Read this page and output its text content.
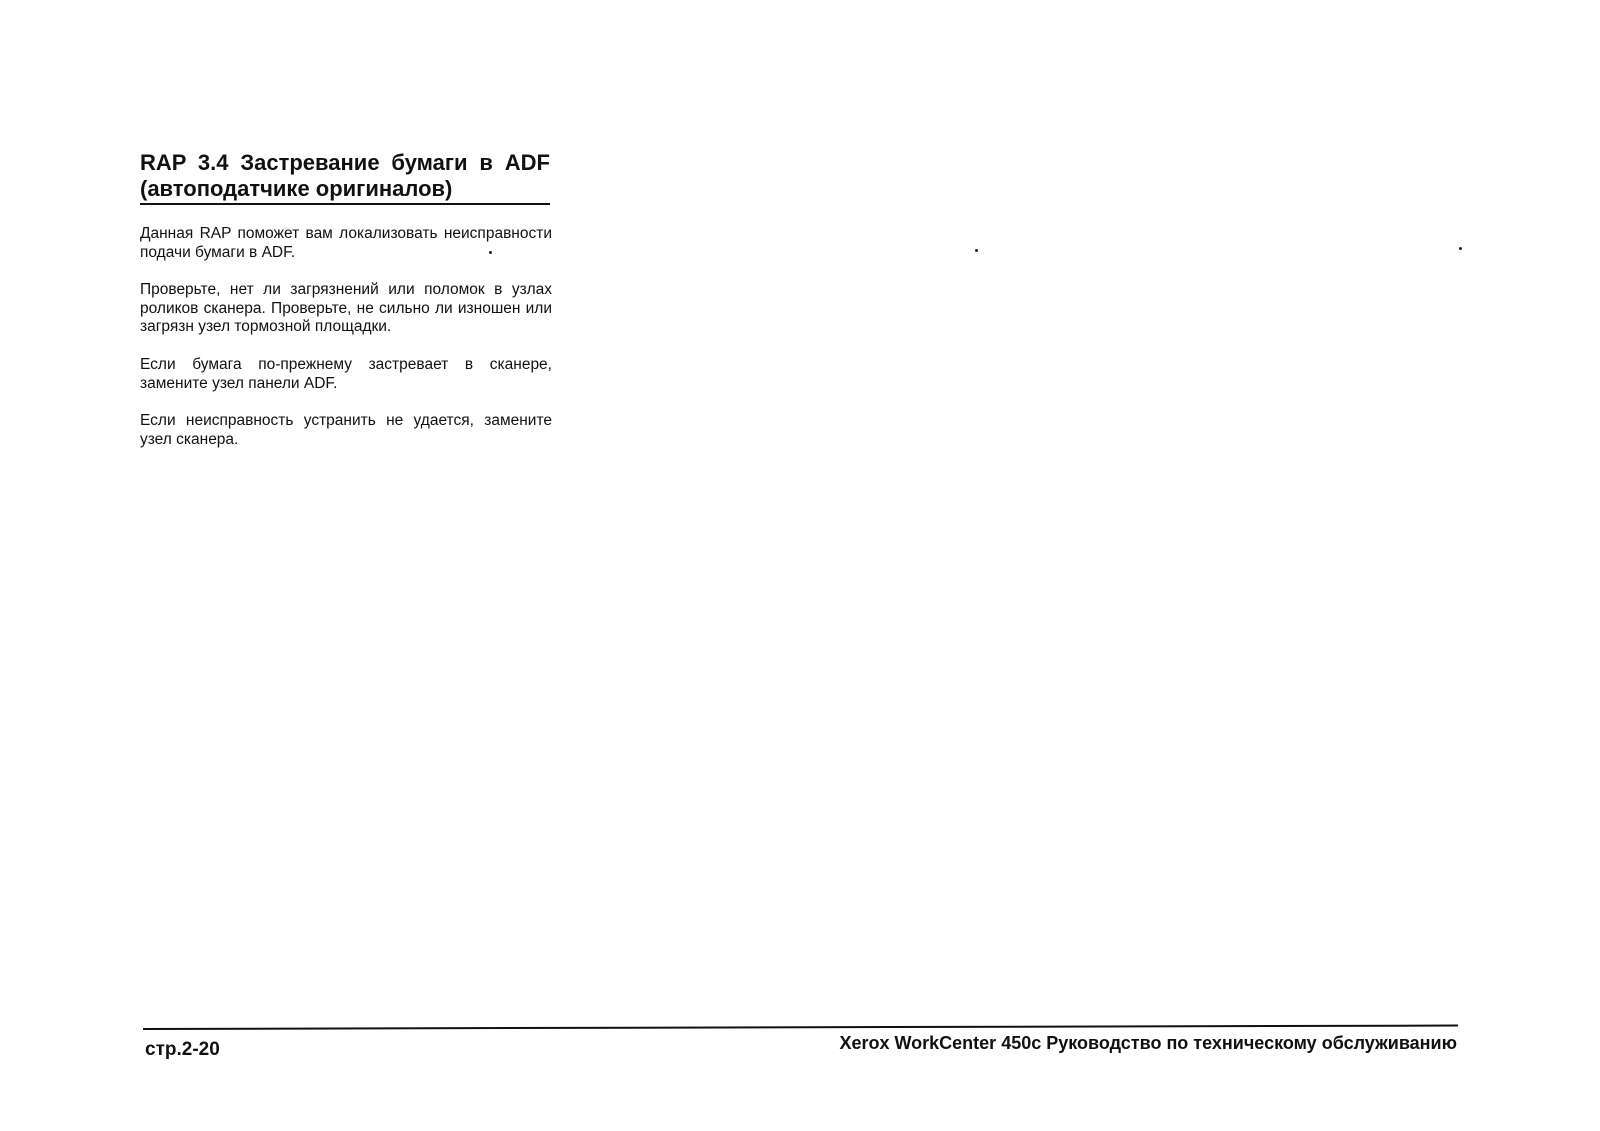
RAP 3.4 Застревание бумаги в ADF (автоподатчике оригиналов)

Данная RAP поможет вам локализовать неисправности подачи бумаги в ADF.

Проверьте, нет ли загрязнений или поломок в узлах роликов сканера. Проверьте, не сильно ли изношен или загрязн узел тормозной площадки.

Если бумага по-прежнему застревает в сканере, замените узел панели ADF.

Если неисправность устранить не удается, замените узел сканера.

стр.2-20	Xerox WorkCenter 450c Руководство по техническому обслуживанию
